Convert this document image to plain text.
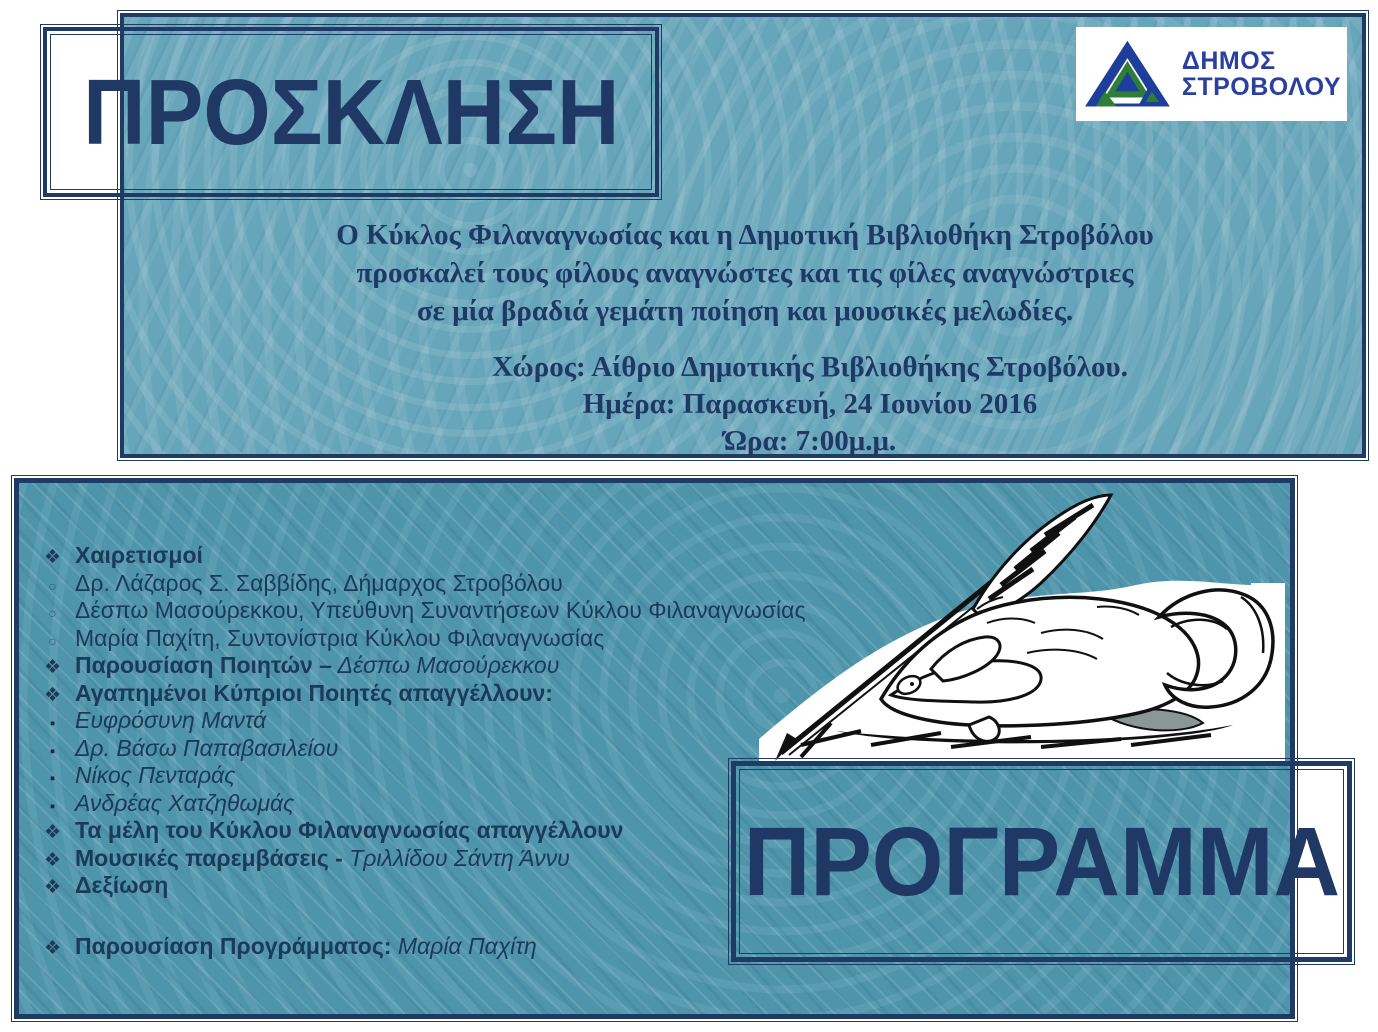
ΠΡΟΣΚΛΗΣΗ
Ο Κύκλος Φιλαναγνωσίας και η Δημοτική Βιβλιοθήκη Στροβόλου
προσκαλεί τους φίλους αναγνώστες και τις φίλες αναγνώστριες
σε μία βραδιά γεμάτη ποίηση και μουσικές μελωδίες.
Χώρος: Αίθριο Δημοτικής Βιβλιοθήκης Στροβόλου.
Ημέρα: Παρασκευή, 24 Ιουνίου 2016
Ώρα: 7:00μ.μ.
ΔΗΜΟΣ
ΣΤΡΟΒΟΛΟΥ
❖ Χαιρετισμοί
○ Δρ. Λάζαρος Σ. Σαββίδης, Δήμαρχος Στροβόλου
○ Δέσπω Μασούρεκκου, Υπεύθυνη Συναντήσεων Κύκλου Φιλαναγνωσίας
○ Μαρία Παχίτη, Συντονίστρια Κύκλου Φιλαναγνωσίας
❖ Παρουσίαση Ποιητών – Δέσπω Μασούρεκκου
❖ Αγαπημένοι Κύπριοι Ποιητές απαγγέλλουν:
▪ Ευφρόσυνη Μαντά
▪ Δρ. Βάσω Παπαβασιλείου
▪ Νίκος Πενταράς
▪ Ανδρέας Χατζηθωμάς
❖ Τα μέλη του Κύκλου Φιλαναγνωσίας απαγγέλλουν
❖ Μουσικές παρεμβάσεις - Τριλλίδου Σάντη Άννυ
❖ Δεξίωση
❖ Παρουσίαση Προγράμματος: Μαρία Παχίτη
ΠΡΟΓΡΑΜΜΑ
